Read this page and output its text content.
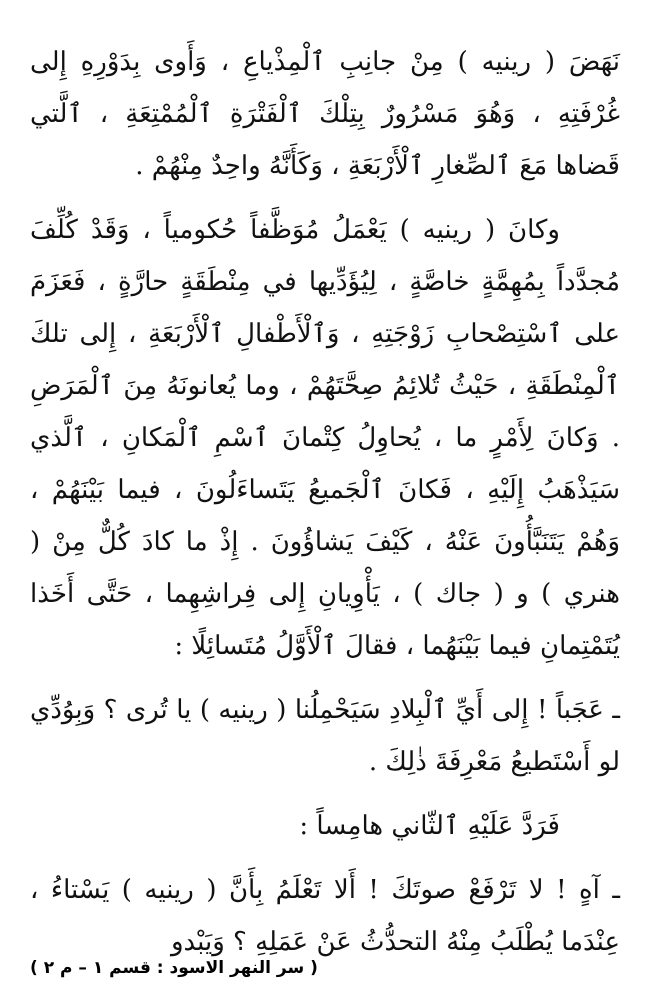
نَهَضَ ( رينيه ) مِنْ جانِبِ ٱلْمِذْياعِ ، وَأَوى بِدَوْرِهِ إِلى غُرْفَتِهِ ، وَهُوَ مَسْرُورٌ بِتِلْكَ ٱلْفَتْرَةِ ٱلْمُمْتِعَةِ ، ٱلَّتي قَضاها مَعَ ٱلصِّغارِ ٱلْأَرْبَعَةِ ، وَكَأَنَّهُ واحِدٌ مِنْهُمْ .

وكانَ ( رينيه ) يَعْمَلُ مُوَظَّفاً حُكومياً ، وَقَدْ كُلِّفَ مُجدَّداً بِمُهِمَّةٍ خاصَّةٍ ، لِيُؤَدِّيها في مِنْطَقَةٍ حارَّةٍ ، فَعَزَمَ على ٱسْتِصْحابِ زَوْجَتِهِ ، وَٱلْأَطْفالِ ٱلْأَرْبَعَةِ ، إِلى تلكَ ٱلْمِنْطَقَةِ ، حَيْثُ تُلائِمُ صِحَّتَهُمْ ، وما يُعانونَهُ مِنَ ٱلْمَرَضِ . وَكانَ لِأَمْرٍ ما ، يُحاوِلُ كِتْمانَ ٱسْمِ ٱلْمَكانِ ، ٱلَّذي سَيَذْهَبُ إِلَيْهِ ، فَكانَ ٱلْجَميعُ يَتَساءَلُونَ ، فيما بَيْنَهُمْ ، وَهُمْ يَتَنَبَّأُونَ عَنْهُ ، كَيْفَ يَشاؤُونَ . إِذْ ما كادَ كُلٌّ مِنْ ( هنري ) و ( جاك ) ، يَأْوِيانِ إِلى فِراشِهِما ، حَتَّى أَخَذا يُتَمْتِمانِ فيما بَيْنَهُما ، فقالَ ٱلْأَوَّلُ مُتَسائِلًا :

ـ عَجَباً ! إِلى أَيِّ ٱلْبِلادِ سَيَحْمِلُنا ( رينيه ) يا تُرى ؟ وَبِوُدِّي لو أَسْتَطيعُ مَعْرِفَةَ ذٰلِكَ .

فَرَدَّ عَلَيْهِ ٱلثّاني هامِساً :

ـ آهٍ ! لا تَرْفَعْ صوتَكَ ! أَلا تَعْلَمُ بِأَنَّ ( رينيه ) يَسْتاءُ ، عِنْدَما يُطْلَبُ مِنْهُ التحدُّثُ عَنْ عَمَلِهِ ؟ وَيَبْدو

( سر النهر الاسود : قسم ١ – م ٢ )
